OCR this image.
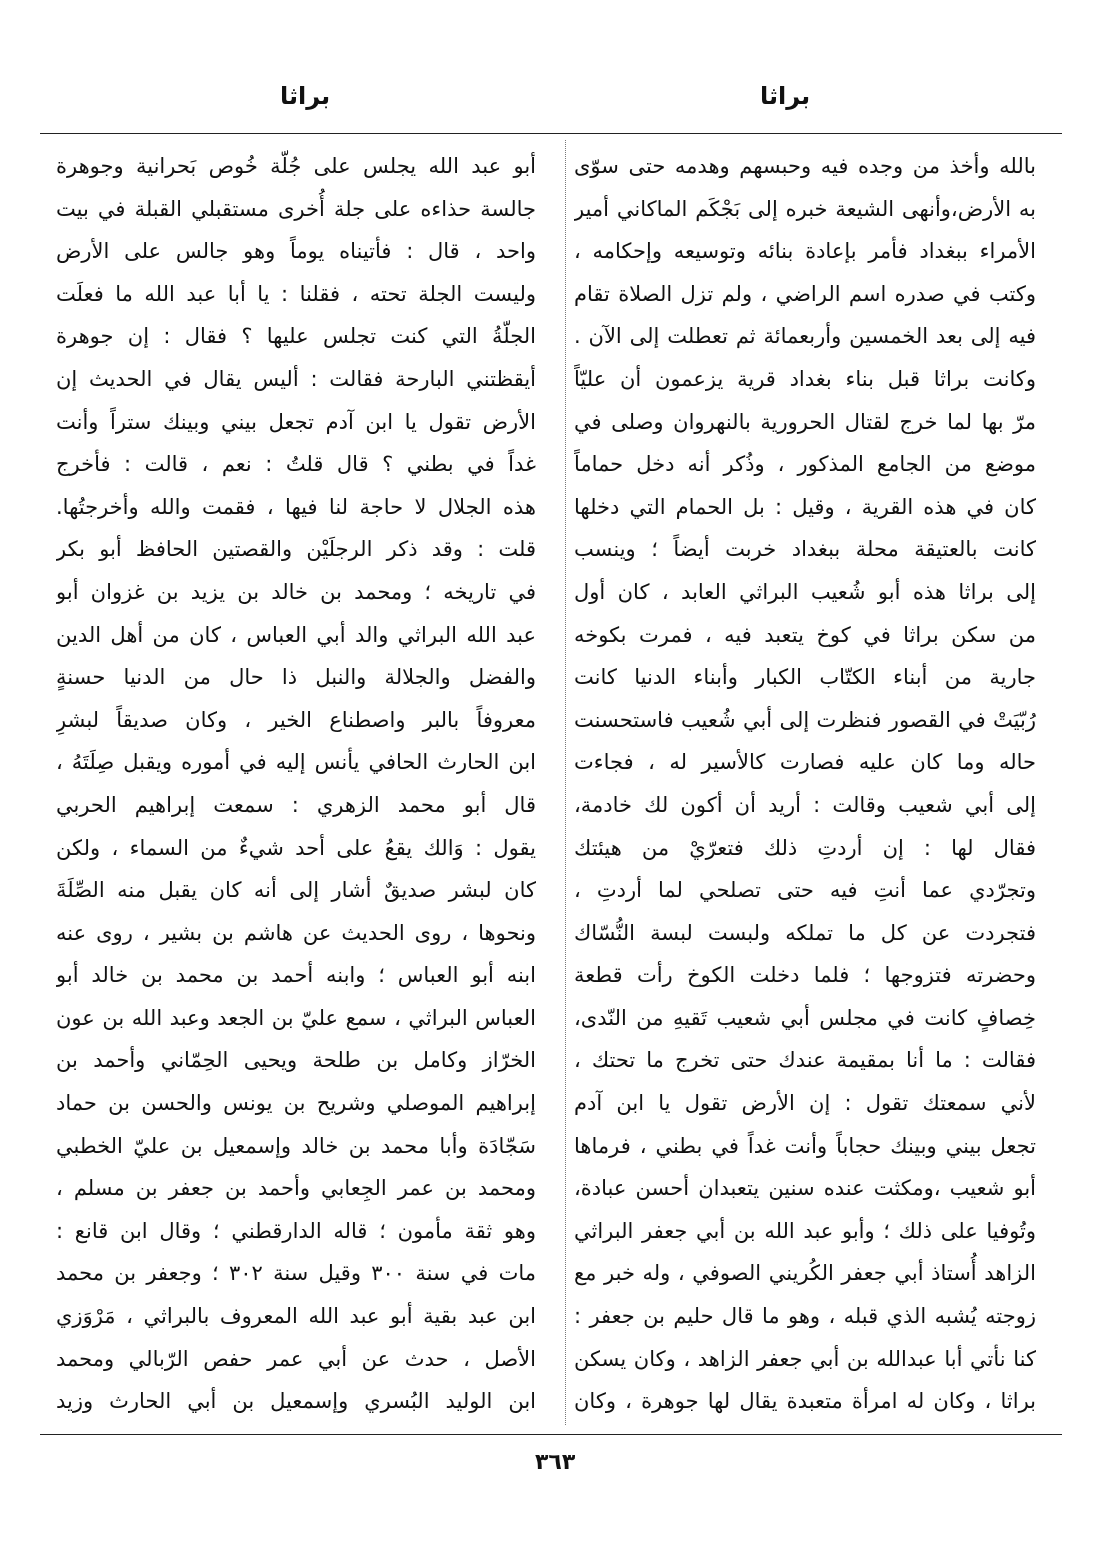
براثا
براثا
بالله وأخذ من وجده فيه وحبسهم وهدمه حتى سوّى
به الأرض،وأنهى الشيعة خبره إلى بَجْكَم الماكاني أمير
الأمراء ببغداد فأمر بإعادة بنائه وتوسيعه وإحكامه ،
وكتب في صدره اسم الراضي ، ولم تزل الصلاة تقام
فيه إلى بعد الخمسين وأربعمائة ثم تعطلت إلى الآن .
وكانت براثا قبل بناء بغداد قرية يزعمون أن عليّاً
مرّ بها لما خرج لقتال الحرورية بالنهروان وصلى في
موضع من الجامع المذكور ، وذُكر أنه دخل حماماً
كان في هذه القرية ، وقيل : بل الحمام التي دخلها
كانت بالعتيقة محلة ببغداد خربت أيضاً ؛ وينسب
إلى براثا هذه أبو شُعيب البراثي العابد ، كان أول
من سكن براثا في كوخ يتعبد فيه ، فمرت بكوخه
جارية من أبناء الكتّاب الكبار وأبناء الدنيا كانت
رُبّيَتْ في القصور فنظرت إلى أبي شُعيب فاستحسنت
حاله وما كان عليه فصارت كالأسير له ، فجاءت
إلى أبي شعيب وقالت : أريد أن أكون لك خادمة،
فقال لها : إن أردتِ ذلك فتعرّيْ من هيئتك
وتجرّدي عما أنتِ فيه حتى تصلحي لما أردتِ ،
فتجردت عن كل ما تملكه ولبست لبسة النُّسّاك
وحضرته فتزوجها ؛ فلما دخلت الكوخ رأت قطعة
خِصافٍ كانت في مجلس أبي شعيب تَقيهِ من النّدى،
فقالت : ما أنا بمقيمة عندك حتى تخرج ما تحتك ،
لأني سمعتك تقول : إن الأرض تقول يا ابن آدم
تجعل بيني وبينك حجاباً وأنت غداً في بطني ، فرماها
أبو شعيب ،ومكثت عنده سنين يتعبدان أحسن عبادة،
وتُوفيا على ذلك ؛ وأبو عبد الله بن أبي جعفر البراثي
الزاهد أُستاذ أبي جعفر الكُريني الصوفي ، وله خبر مع
زوجته يُشبه الذي قبله ، وهو ما قال حليم بن جعفر :
كنا نأتي أبا عبدالله بن أبي جعفر الزاهد ، وكان يسكن
براثا ، وكان له امرأة متعبدة يقال لها جوهرة ، وكان
أبو عبد الله يجلس على جُلّة خُوص بَحرانية وجوهرة
جالسة حذاءه على جلة أُخرى مستقبلي القبلة في بيت
واحد ، قال : فأتيناه يوماً وهو جالس على الأرض
وليست الجلة تحته ، فقلنا : يا أبا عبد الله ما فعلَت
الجلّةُ التي كنت تجلس عليها ؟ فقال : إن جوهرة
أيقظتني البارحة فقالت : أليس يقال في الحديث إن
الأرض تقول يا ابن آدم تجعل بيني وبينك ستراً وأنت
غداً في بطني ؟ قال قلتُ : نعم ، قالت : فأخرج
هذه الجلال لا حاجة لنا فيها ، فقمت والله وأخرجتُها.
قلت : وقد ذكر الرجلَيْن والقصتين الحافظ أبو بكر
في تاريخه ؛ ومحمد بن خالد بن يزيد بن غزوان أبو
عبد الله البراثي والد أبي العباس ، كان من أهل الدين
والفضل والجلالة والنبل ذا حال من الدنيا حسنةٍ
معروفاً بالبر واصطناع الخير ، وكان صديقاً لبشرِ
ابن الحارث الحافي يأنس إليه في أموره ويقبل صِلَتَهُ ،
قال أبو محمد الزهري : سمعت إبراهيم الحربي
يقول : وَالك يقعُ على أحد شيءٌ من السماء ، ولكن
كان لبشر صديقٌ أشار إلى أنه كان يقبل منه الصِّلَةَ
ونحوها ، روى الحديث عن هاشم بن بشير ، روى عنه
ابنه أبو العباس ؛ وابنه أحمد بن محمد بن خالد أبو
العباس البراثي ، سمع عليّ بن الجعد وعبد الله بن عون
الخرّاز وكامل بن طلحة ويحيى الحِمّاني وأحمد بن
إبراهيم الموصلي وشريح بن يونس والحسن بن حماد
سَجّادَة وأبا محمد بن خالد وإسمعيل بن عليّ الخطبي
ومحمد بن عمر الجِعابي وأحمد بن جعفر بن مسلم ،
وهو ثقة مأمون ؛ قاله الدارقطني ؛ وقال ابن قانع :
مات في سنة ٣٠٠ وقيل سنة ٣٠٢ ؛ وجعفر بن محمد
ابن عبد بقية أبو عبد الله المعروف بالبراثي ، مَرْوَزي
الأصل ، حدث عن أبي عمر حفص الرّبالي ومحمد
ابن الوليد البُسري وإسمعيل بن أبي الحارث وزيد
٣٦٣
